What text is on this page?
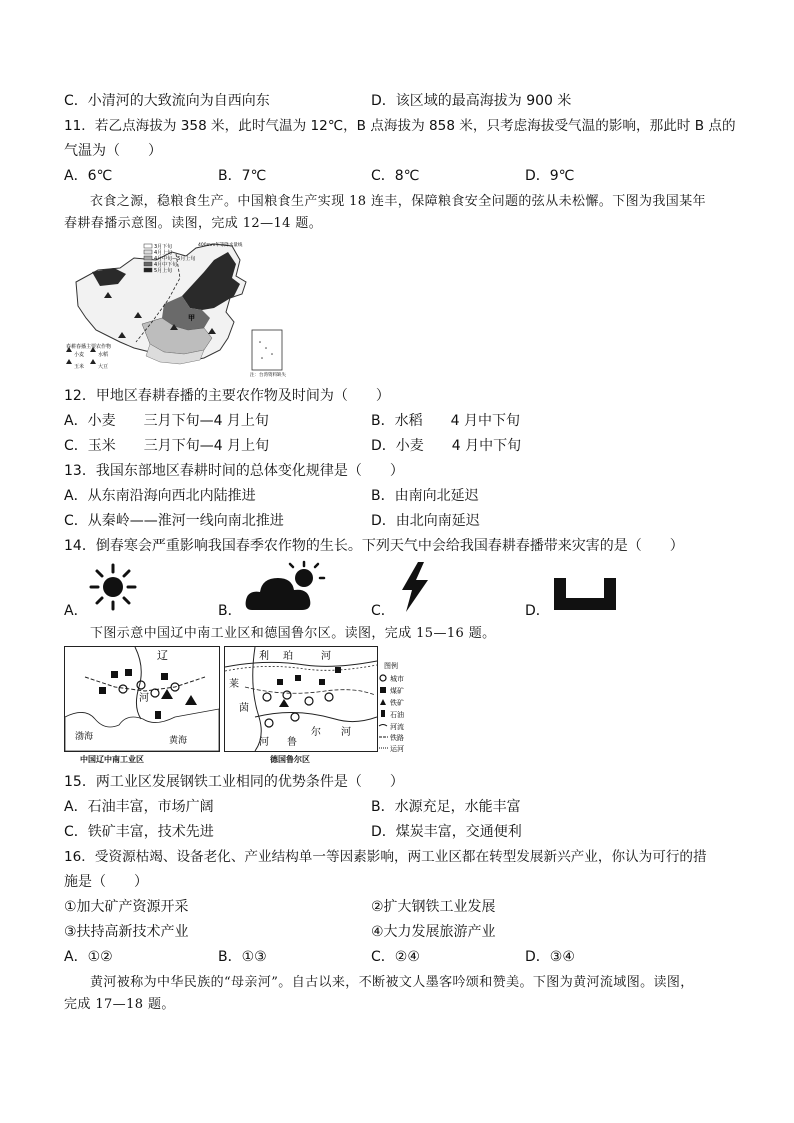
C．小清河的大致流向为自西向东	D．该区域的最高海拔为 900 米
11．若乙点海拔为 358 米，此时气温为 12℃，B 点海拔为 858 米，只考虑海拔受气温的影响，那此时 B 点的
气温为（　　）
A．6℃	B．7℃	C．8℃	D．9℃
衣食之源，稳粮食生产。中国粮食生产实现 18 连丰，保障粮食安全问题的弦从未松懈。下图为我国某年
春耕春播示意图。读图，完成 12—14 题。
3月下旬
4月上旬
4月中旬—5月上旬
4月中下旬
5月上旬
400mm年等降水量线
甲
春耕春播主要农作物
小麦	水稻
玉米	大豆
注：台湾资料缺失
12．甲地区春耕春播的主要农作物及时间为（　　）
A．小麦　　三月下旬—4 月上旬	B．水稻　　4 月中下旬
C．玉米　　三月下旬—4 月上旬	D．小麦　　4 月中下旬
13．我国东部地区春耕时间的总体变化规律是（　　）
A．从东南沿海向西北内陆推进	B．由南向北延迟
C．从秦岭——淮河一线向南北推进	D．由北向南延迟
14．倒春寒会严重影响我国春季农作物的生长。下列天气中会给我国春耕春播带来灾害的是（　　）
A．	B．	C．	D．
下图示意中国辽中南工业区和德国鲁尔区。读图，完成 15—16 题。
辽
河
渤海	黄海
中国辽中南工业区
利 珀	河
莱
茵
河 鲁
尔 河
德国鲁尔区
图例
城市
煤矿
铁矿
石油
河流
铁路
运河
15．两工业区发展钢铁工业相同的优势条件是（　　）
A．石油丰富，市场广阔	B．水源充足，水能丰富
C．铁矿丰富，技术先进	D．煤炭丰富，交通便利
16．受资源枯竭、设备老化、产业结构单一等因素影响，两工业区都在转型发展新兴产业，你认为可行的措
施是（　　）
①加大矿产资源开采	②扩大钢铁工业发展
③扶持高新技术产业	④大力发展旅游产业
A．①②	B．①③	C．②④	D．③④
黄河被称为中华民族的“母亲河”。自古以来，不断被文人墨客吟颂和赞美。下图为黄河流域图。读图，
完成 17—18 题。
